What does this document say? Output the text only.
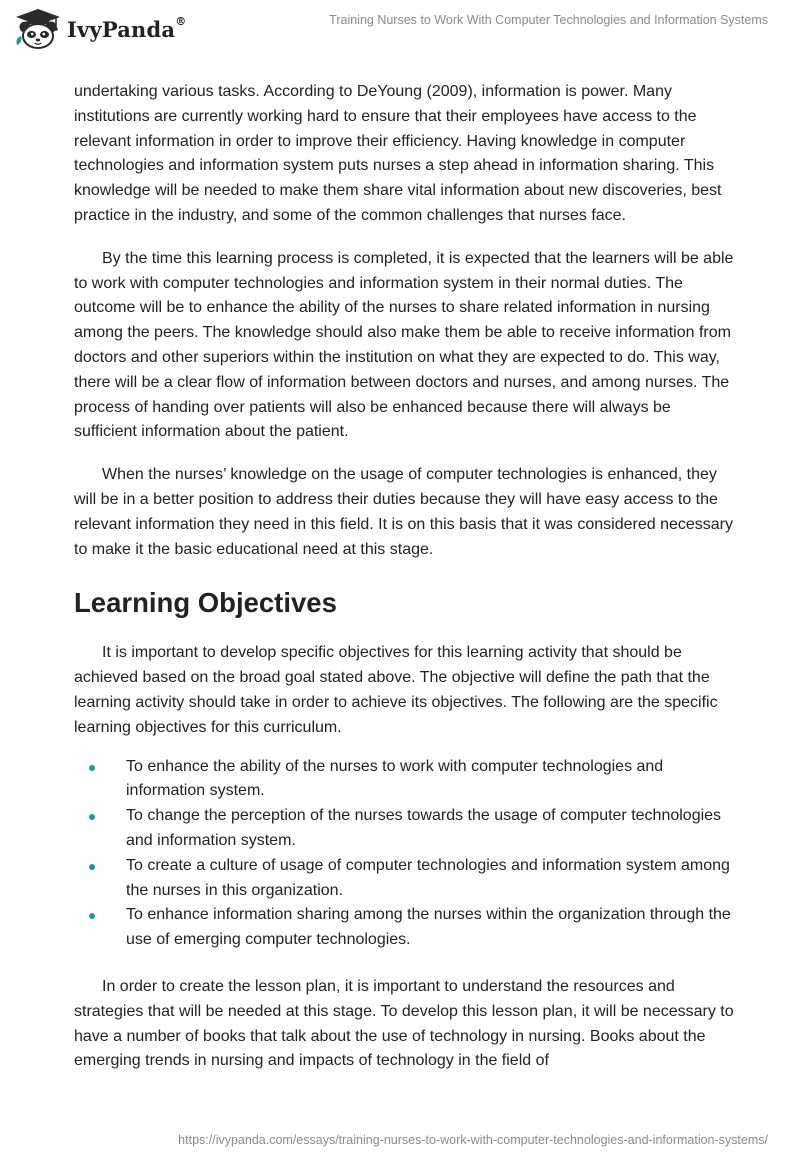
IvyPanda®	Training Nurses to Work With Computer Technologies and Information Systems

undertaking various tasks. According to DeYoung (2009), information is power. Many institutions are currently working hard to ensure that their employees have access to the relevant information in order to improve their efficiency. Having knowledge in computer technologies and information system puts nurses a step ahead in information sharing. This knowledge will be needed to make them share vital information about new discoveries, best practice in the industry, and some of the common challenges that nurses face.

By the time this learning process is completed, it is expected that the learners will be able to work with computer technologies and information system in their normal duties. The outcome will be to enhance the ability of the nurses to share related information in nursing among the peers. The knowledge should also make them be able to receive information from doctors and other superiors within the institution on what they are expected to do. This way, there will be a clear flow of information between doctors and nurses, and among nurses. The process of handing over patients will also be enhanced because there will always be sufficient information about the patient.

When the nurses’ knowledge on the usage of computer technologies is enhanced, they will be in a better position to address their duties because they will have easy access to the relevant information they need in this field. It is on this basis that it was considered necessary to make it the basic educational need at this stage.

Learning Objectives

It is important to develop specific objectives for this learning activity that should be achieved based on the broad goal stated above. The objective will define the path that the learning activity should take in order to achieve its objectives. The following are the specific learning objectives for this curriculum.

To enhance the ability of the nurses to work with computer technologies and information system.
To change the perception of the nurses towards the usage of computer technologies and information system.
To create a culture of usage of computer technologies and information system among the nurses in this organization.
To enhance information sharing among the nurses within the organization through the use of emerging computer technologies.

In order to create the lesson plan, it is important to understand the resources and strategies that will be needed at this stage. To develop this lesson plan, it will be necessary to have a number of books that talk about the use of technology in nursing. Books about the emerging trends in nursing and impacts of technology in the field of

https://ivypanda.com/essays/training-nurses-to-work-with-computer-technologies-and-information-systems/
